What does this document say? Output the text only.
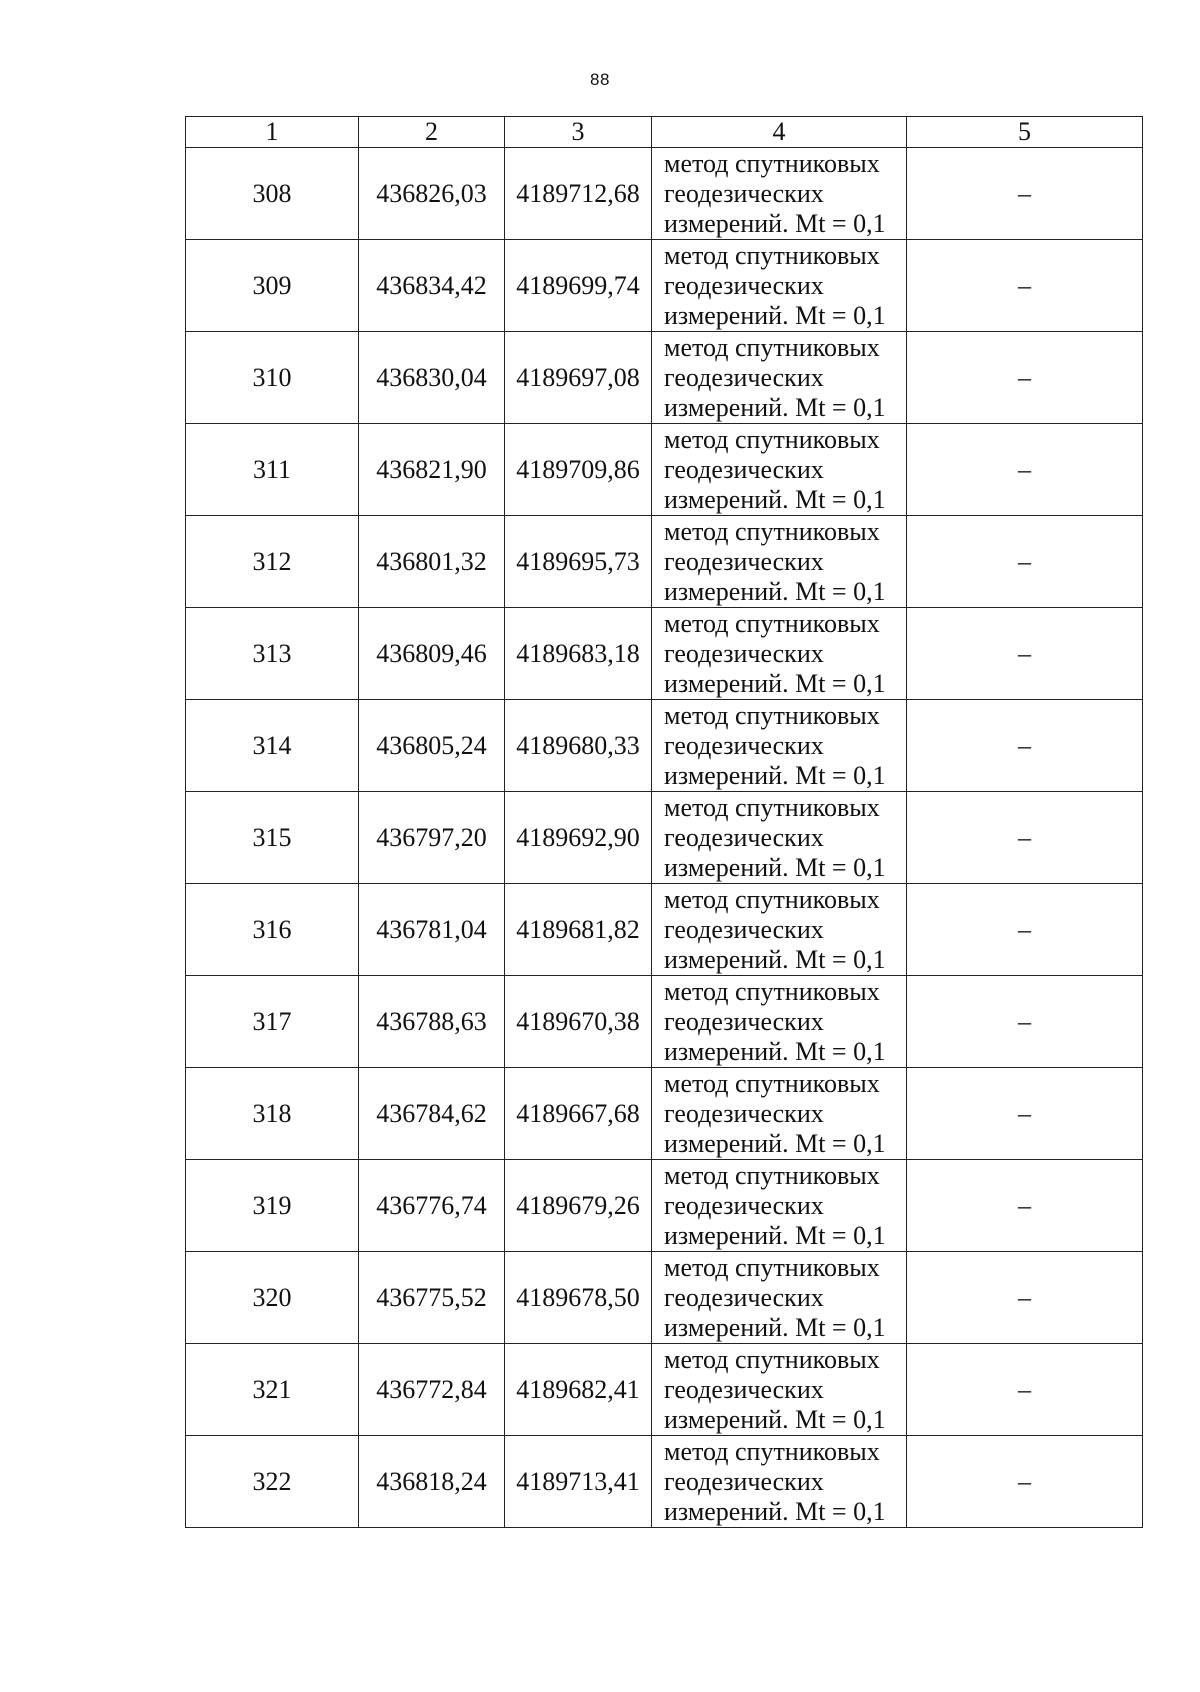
88
1	2	3	4	5
308	436826,03	4189712,68	метод спутниковых
геодезических
измерений. Mt = 0,1	–
309	436834,42	4189699,74	метод спутниковых
геодезических
измерений. Mt = 0,1	–
310	436830,04	4189697,08	метод спутниковых
геодезических
измерений. Mt = 0,1	–
311	436821,90	4189709,86	метод спутниковых
геодезических
измерений. Mt = 0,1	–
312	436801,32	4189695,73	метод спутниковых
геодезических
измерений. Mt = 0,1	–
313	436809,46	4189683,18	метод спутниковых
геодезических
измерений. Mt = 0,1	–
314	436805,24	4189680,33	метод спутниковых
геодезических
измерений. Mt = 0,1	–
315	436797,20	4189692,90	метод спутниковых
геодезических
измерений. Mt = 0,1	–
316	436781,04	4189681,82	метод спутниковых
геодезических
измерений. Mt = 0,1	–
317	436788,63	4189670,38	метод спутниковых
геодезических
измерений. Mt = 0,1	–
318	436784,62	4189667,68	метод спутниковых
геодезических
измерений. Mt = 0,1	–
319	436776,74	4189679,26	метод спутниковых
геодезических
измерений. Mt = 0,1	–
320	436775,52	4189678,50	метод спутниковых
геодезических
измерений. Mt = 0,1	–
321	436772,84	4189682,41	метод спутниковых
геодезических
измерений. Mt = 0,1	–
322	436818,24	4189713,41	метод спутниковых
геодезических
измерений. Mt = 0,1	–
